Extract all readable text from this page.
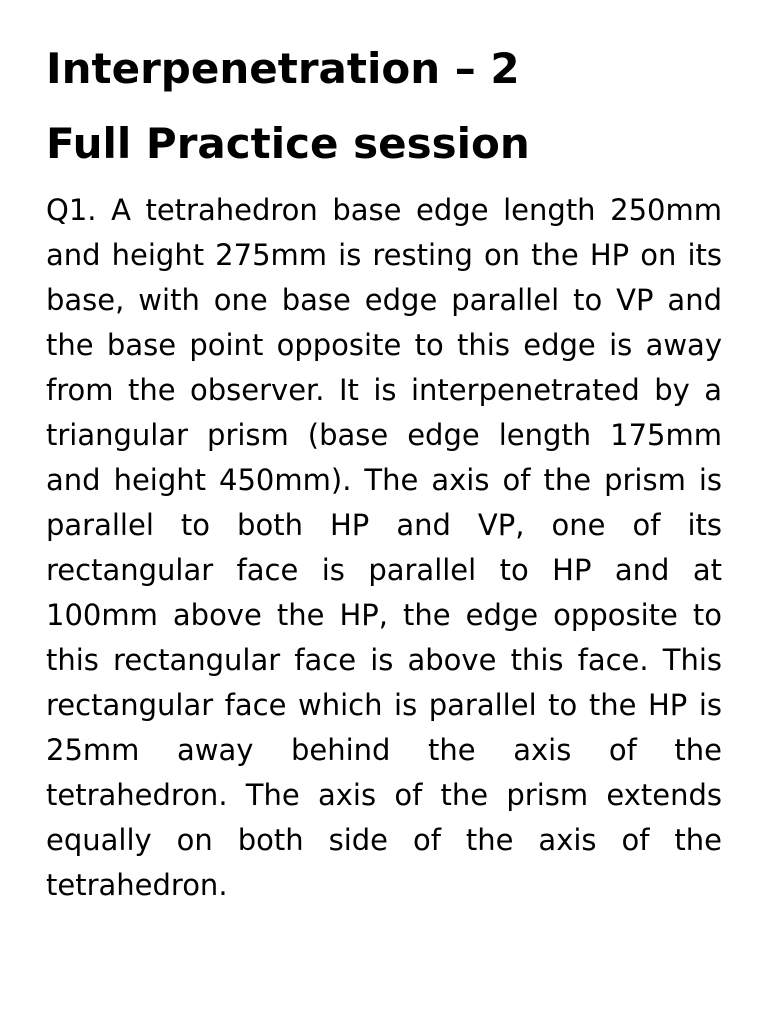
Interpenetration – 2
Full Practice session

Q1. A tetrahedron base edge length 250mm and height 275mm is resting on the HP on its base, with one base edge parallel to VP and the base point opposite to this edge is away from the observer. It is interpenetrated by a triangular prism (base edge length 175mm and height 450mm). The axis of the prism is parallel to both HP and VP, one of its rectangular face is parallel to HP and at 100mm above the HP, the edge opposite to this rectangular face is above this face. This rectangular face which is parallel to the HP is 25mm away behind the axis of the tetrahedron. The axis of the prism extends equally on both side of the axis of the tetrahedron.
